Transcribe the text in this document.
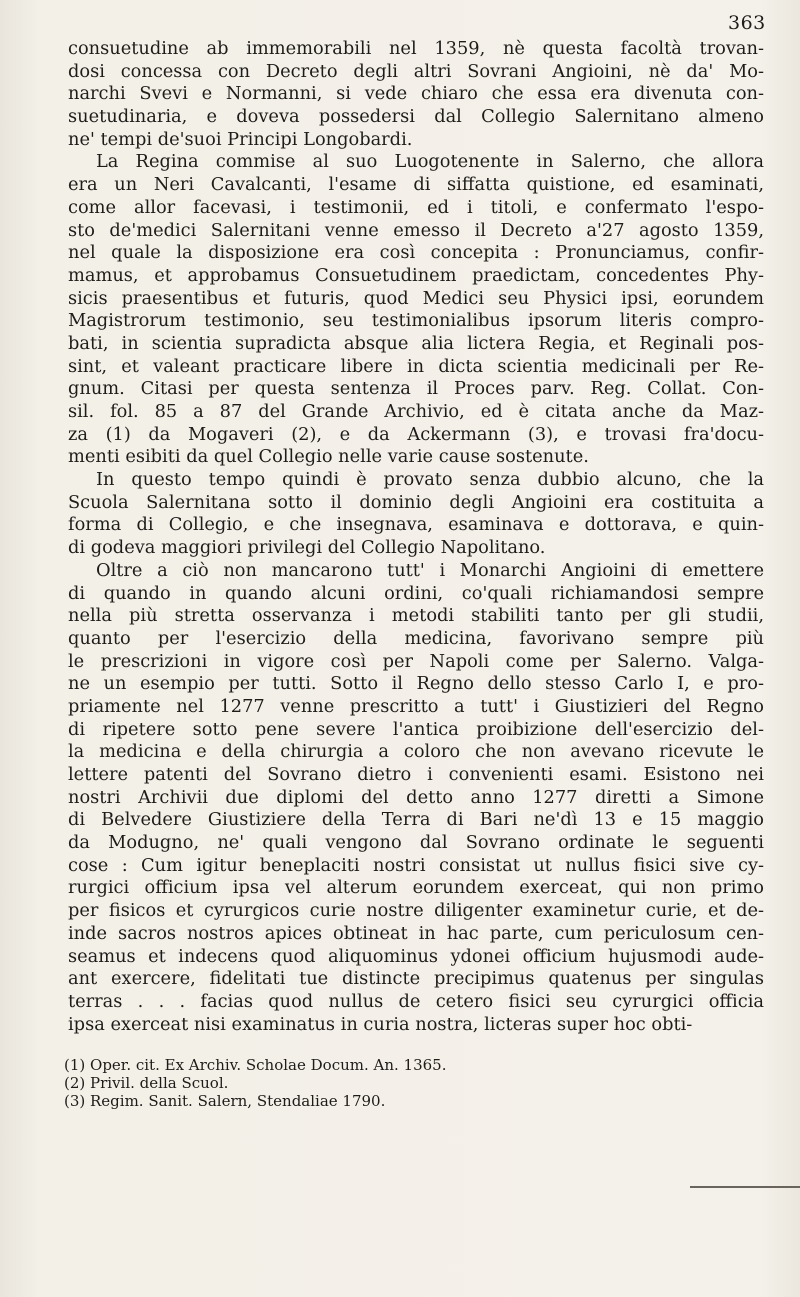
363
consuetudine ab immemorabili nel 1359, nè questa facoltà trovan-
dosi concessa con Decreto degli altri Sovrani Angioini, nè da' Mo-
narchi Svevi e Normanni, si vede chiaro che essa era divenuta con-
suetudinaria, e doveva possedersi dal Collegio Salernitano almeno
ne' tempi de'suoi Principi Longobardi.
La Regina commise al suo Luogotenente in Salerno, che allora
era un Neri Cavalcanti, l'esame di siffatta quistione, ed esaminati,
come allor facevasi, i testimonii, ed i titoli, e confermato l'espo-
sto de'medici Salernitani venne emesso il Decreto a'27 agosto 1359,
nel quale la disposizione era così concepita : Pronunciamus, confir-
mamus, et approbamus Consuetudinem praedictam, concedentes Phy-
sicis praesentibus et futuris, quod Medici seu Physici ipsi, eorundem
Magistrorum testimonio, seu testimonialibus ipsorum literis compro-
bati, in scientia supradicta absque alia lictera Regia, et Reginali pos-
sint, et valeant practicare libere in dicta scientia medicinali per Re-
gnum. Citasi per questa sentenza il Proces parv. Reg. Collat. Con-
sil. fol. 85 a 87 del Grande Archivio, ed è citata anche da Maz-
za (1) da Mogaveri (2), e da Ackermann (3), e trovasi fra'docu-
menti esibiti da quel Collegio nelle varie cause sostenute.
In questo tempo quindi è provato senza dubbio alcuno, che la
Scuola Salernitana sotto il dominio degli Angioini era costituita a
forma di Collegio, e che insegnava, esaminava e dottorava, e quin-
di godeva maggiori privilegi del Collegio Napolitano.
Oltre a ciò non mancarono tutt' i Monarchi Angioini di emettere
di quando in quando alcuni ordini, co'quali richiamandosi sempre
nella più stretta osservanza i metodi stabiliti tanto per gli studii,
quanto per l'esercizio della medicina, favorivano sempre più
le prescrizioni in vigore così per Napoli come per Salerno. Valga-
ne un esempio per tutti. Sotto il Regno dello stesso Carlo I, e pro-
priamente nel 1277 venne prescritto a tutt' i Giustizieri del Regno
di ripetere sotto pene severe l'antica proibizione dell'esercizio del-
la medicina e della chirurgia a coloro che non avevano ricevute le
lettere patenti del Sovrano dietro i convenienti esami. Esistono nei
nostri Archivii due diplomi del detto anno 1277 diretti a Simone
di Belvedere Giustiziere della Terra di Bari ne'dì 13 e 15 maggio
da Modugno, ne' quali vengono dal Sovrano ordinate le seguenti
cose : Cum igitur beneplaciti nostri consistat ut nullus fisici sive cy-
rurgici officium ipsa vel alterum eorundem exerceat, qui non primo
per fisicos et cyrurgicos curie nostre diligenter examinetur curie, et de-
inde sacros nostros apices obtineat in hac parte, cum periculosum cen-
seamus et indecens quod aliquominus ydonei officium hujusmodi aude-
ant exercere, fidelitati tue distincte precipimus quatenus per singulas
terras . . . facias quod nullus de cetero fisici seu cyrurgici officia
ipsa exerceat nisi examinatus in curia nostra, licteras super hoc obti-
(1) Oper. cit. Ex Archiv. Scholae Docum. An. 1365.
(2) Privil. della Scuol.
(3) Regim. Sanit. Salern, Stendaliae 1790.
